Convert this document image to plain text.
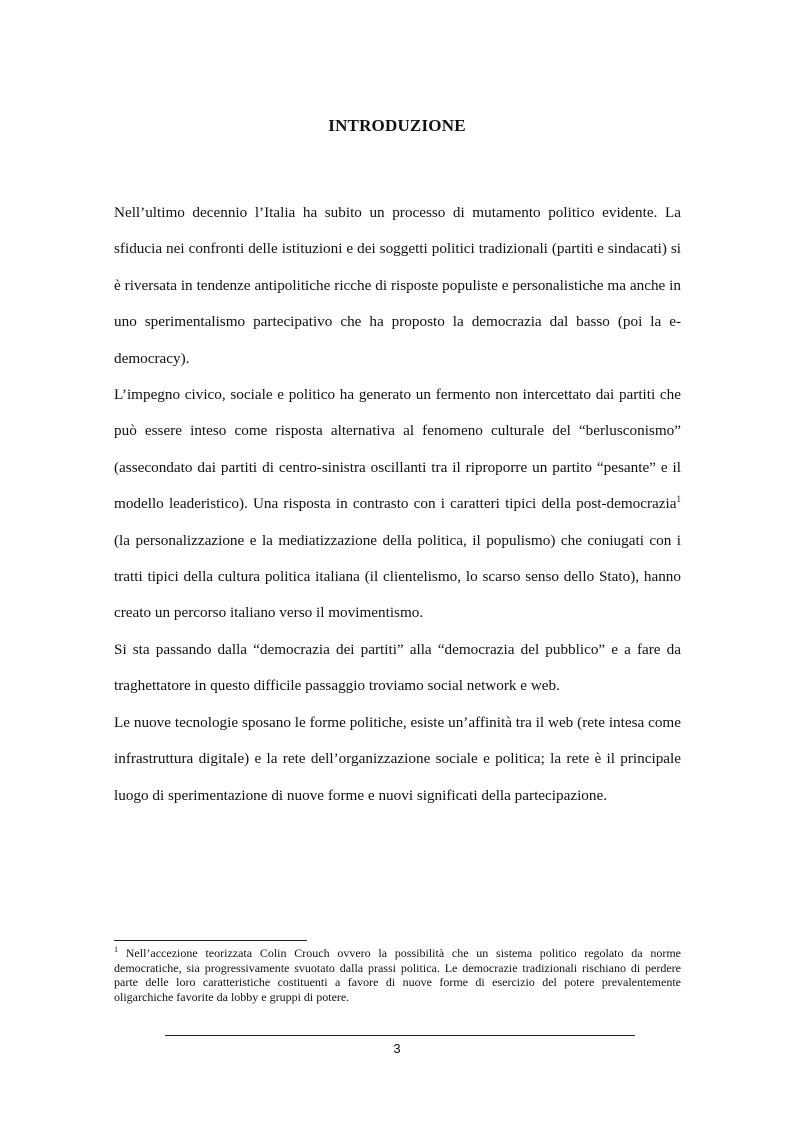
INTRODUZIONE

Nell’ultimo decennio l’Italia ha subito un processo di mutamento politico evidente. La sfiducia nei confronti delle istituzioni e dei soggetti politici tradizionali (partiti e sindacati) si è riversata in tendenze antipolitiche ricche di risposte populiste e personalistiche ma anche in uno sperimentalismo partecipativo che ha proposto la democrazia dal basso (poi la e-democracy).

L’impegno civico, sociale e politico ha generato un fermento non intercettato dai partiti che può essere inteso come risposta alternativa al fenomeno culturale del “berlusconismo” (assecondato dai partiti di centro-sinistra oscillanti tra il riproporre un partito “pesante” e il modello leaderistico). Una risposta in contrasto con i caratteri tipici della post-democrazia$^1$ (la personalizzazione e la mediatizzazione della politica, il populismo) che coniugati con i tratti tipici della cultura politica italiana (il clientelismo, lo scarso senso dello Stato), hanno creato un percorso italiano verso il movimentismo.

Si sta passando dalla “democrazia dei partiti” alla “democrazia del pubblico” e a fare da traghettatore in questo difficile passaggio troviamo social network e web.

Le nuove tecnologie sposano le forme politiche, esiste un’affinità tra il web (rete intesa come infrastruttura digitale) e la rete dell’organizzazione sociale e politica; la rete è il principale luogo di sperimentazione di nuove forme e nuovi significati della partecipazione.

$^1$ Nell’accezione teorizzata Colin Crouch ovvero la possibilità che un sistema politico regolato da norme democratiche, sia progressivamente svuotato dalla prassi politica. Le democrazie tradizionali rischiano di perdere parte delle loro caratteristiche costituenti a favore di nuove forme di esercizio del potere prevalentemente oligarchiche favorite da lobby e gruppi di potere.

3
